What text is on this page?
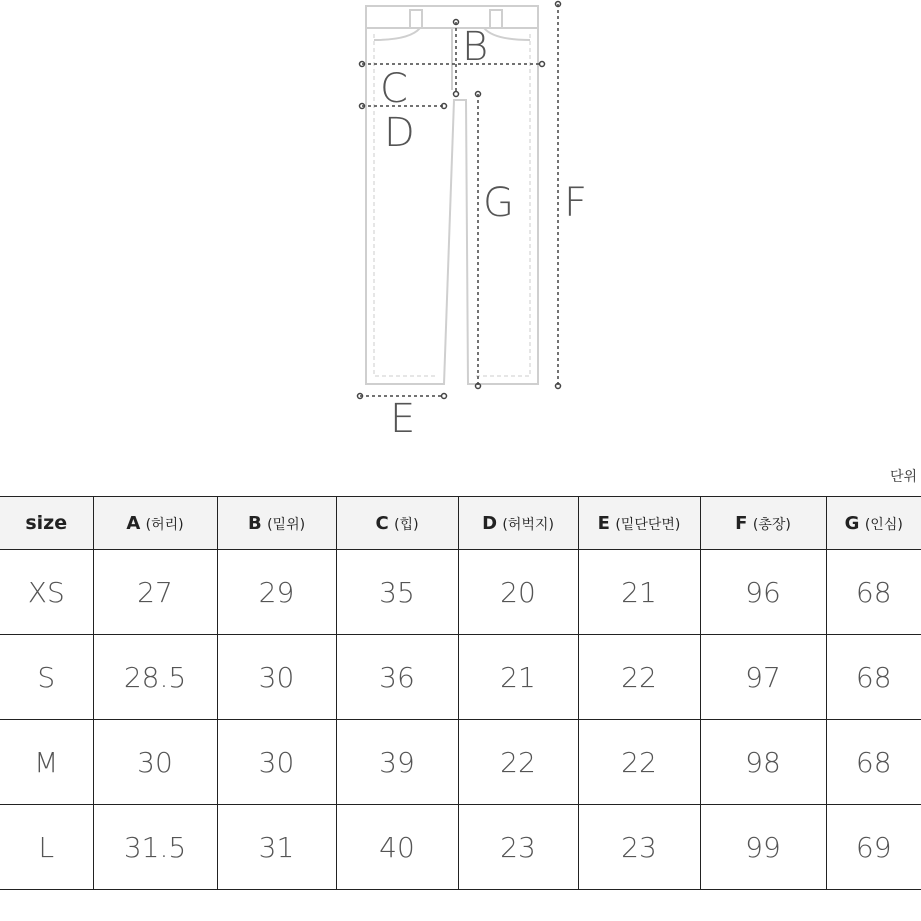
B
C
D
G F
E
단위
size	A (허리)	B (밑위)	C (힙)	D (허벅지)	E (밑단단면)	F (총장)	G (인심)
XS	27	29	35	20	21	96	68
S	28.5	30	36	21	22	97	68
M	30	30	39	22	22	98	68
L	31.5	31	40	23	23	99	69
